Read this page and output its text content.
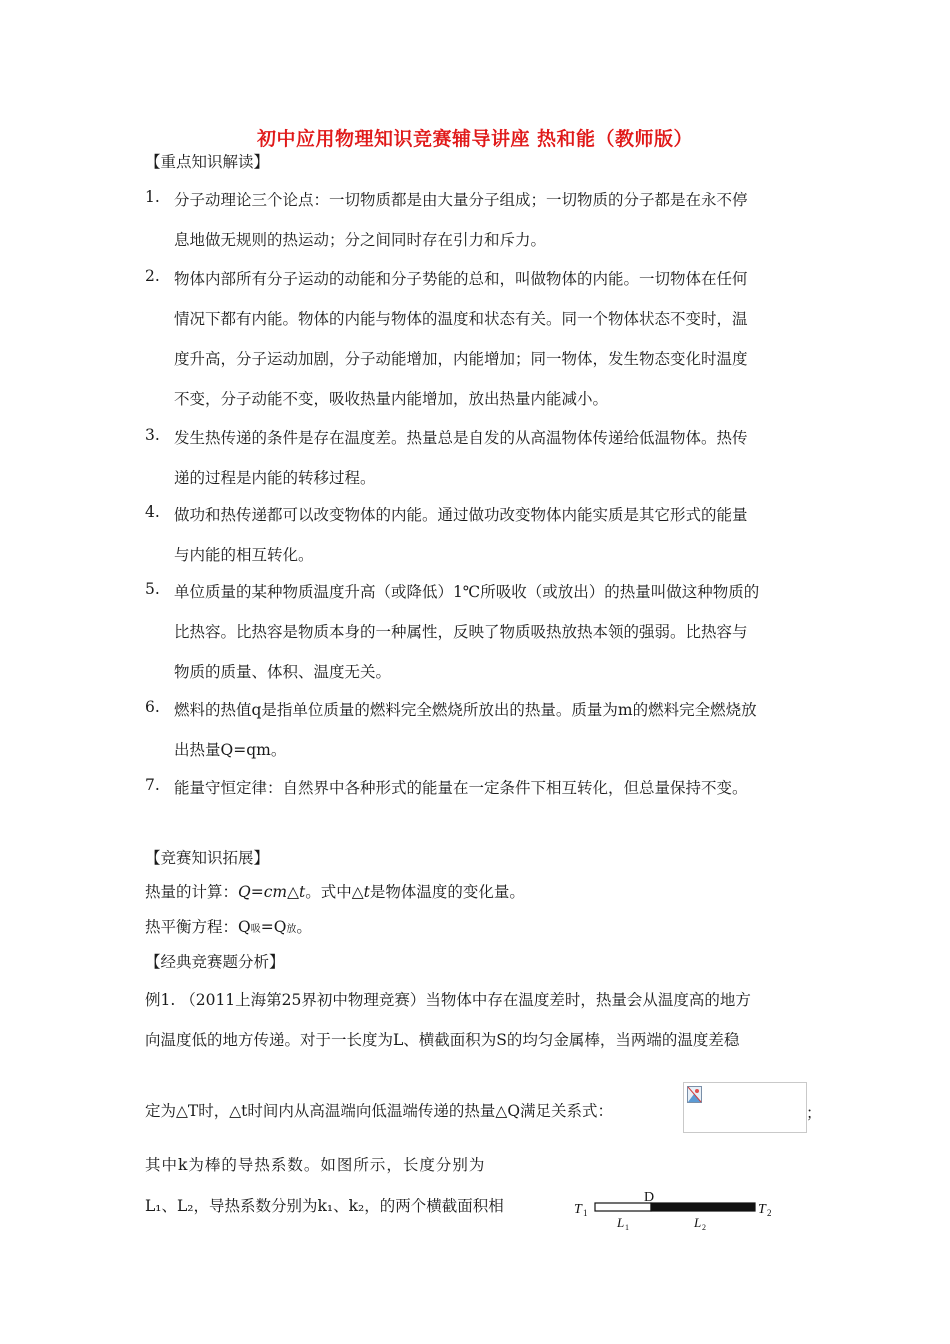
初中应用物理知识竞赛辅导讲座 热和能（教师版）
【重点知识解读】
1. 分子动理论三个论点：一切物质都是由大量分子组成；一切物质的分子都是在永不停
息地做无规则的热运动；分之间同时存在引力和斥力。
2. 物体内部所有分子运动的动能和分子势能的总和，叫做物体的内能。一切物体在任何
情况下都有内能。物体的内能与物体的温度和状态有关。同一个物体状态不变时，温
度升高，分子运动加剧，分子动能增加，内能增加；同一物体，发生物态变化时温度
不变，分子动能不变，吸收热量内能增加，放出热量内能减小。
3. 发生热传递的条件是存在温度差。热量总是自发的从高温物体传递给低温物体。热传
递的过程是内能的转移过程。
4. 做功和热传递都可以改变物体的内能。通过做功改变物体内能实质是其它形式的能量
与内能的相互转化。
5. 单位质量的某种物质温度升高（或降低）1℃所吸收（或放出）的热量叫做这种物质的
比热容。比热容是物质本身的一种属性，反映了物质吸热放热本领的强弱。比热容与
物质的质量、体积、温度无关。
6. 燃料的热值q是指单位质量的燃料完全燃烧所放出的热量。质量为m的燃料完全燃烧放
出热量Q=qm。
7. 能量守恒定律：自然界中各种形式的能量在一定条件下相互转化，但总量保持不变。
【竞赛知识拓展】
热量的计算：Q=cm△t。式中△t是物体温度的变化量。
热平衡方程：Q吸=Q放。
【经典竞赛题分析】
例1. （2011上海第25界初中物理竞赛）当物体中存在温度差时，热量会从温度高的地方
向温度低的地方传递。对于一长度为L、横截面积为S的均匀金属棒，当两端的温度差稳
定为△T时，△t时间内从高温端向低温端传递的热量△Q满足关系式：	；
其中k为棒的导热系数。如图所示，长度分别为
L₁、L₂，导热系数分别为k₁、k₂，的两个横截面积相	T 1	T 2
D
L 1	L 2
